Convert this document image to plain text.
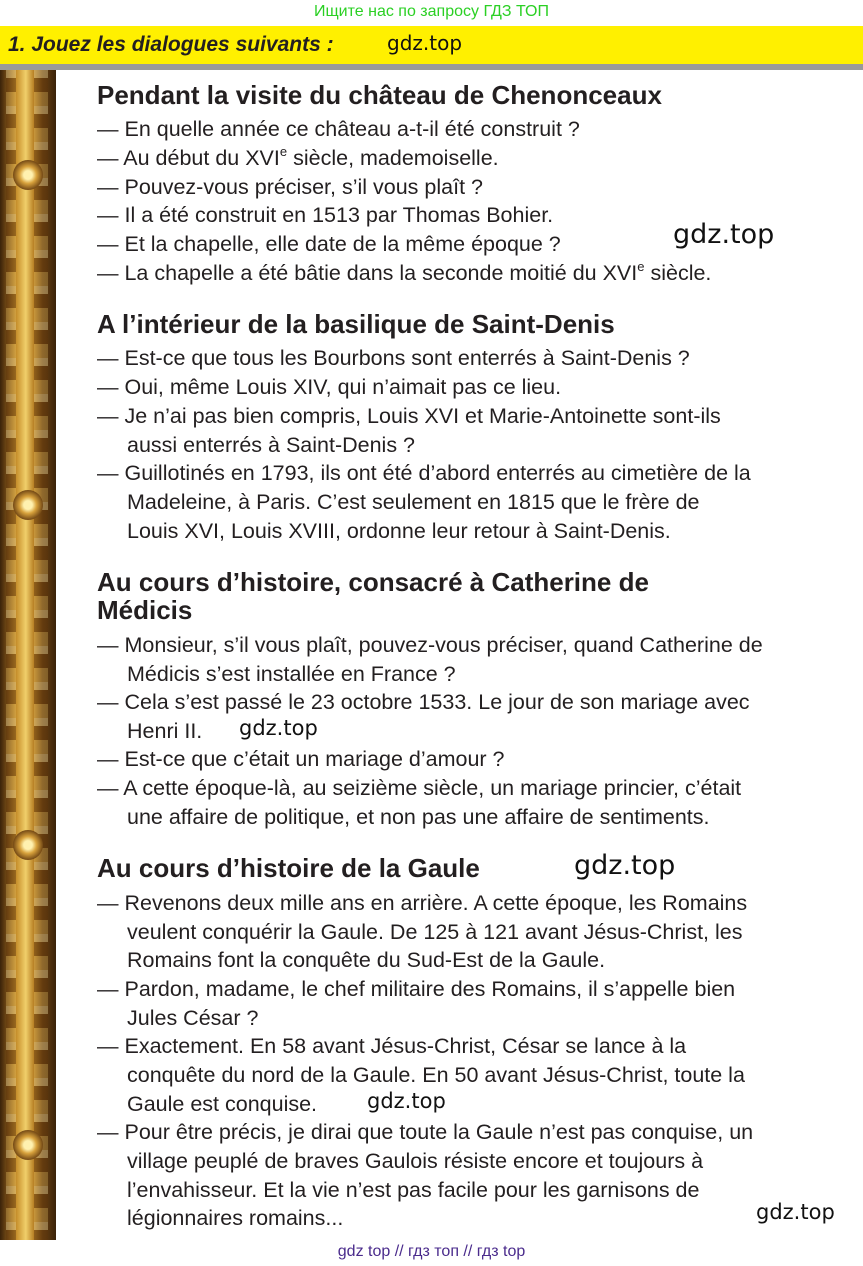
Ищите нас по запросу ГДЗ ТОП
1. Jouez les dialogues suivants :	gdz.top
Pendant la visite du château de Chenonceaux
— En quelle année ce château a-t-il été construit ?
— Au début du XVIe siècle, mademoiselle.
— Pouvez-vous préciser, s’il vous plaît ?
— Il a été construit en 1513 par Thomas Bohier.
— Et la chapelle, elle date de la même époque ?
— La chapelle a été bâtie dans la seconde moitié du XVIe siècle.
gdz.top
A l’intérieur de la basilique de Saint-Denis
— Est-ce que tous les Bourbons sont enterrés à Saint-Denis ?
— Oui, même Louis XIV, qui n’aimait pas ce lieu.
— Je n’ai pas bien compris, Louis XVI et Marie-Antoinette sont-ils
aussi enterrés à Saint-Denis ?
— Guillotinés en 1793, ils ont été d’abord enterrés au cimetière de la
Madeleine, à Paris. C’est seulement en 1815 que le frère de
Louis XVI, Louis XVIII, ordonne leur retour à Saint-Denis.
Au cours d’histoire, consacré à Catherine de
Médicis
— Monsieur, s’il vous plaît, pouvez-vous préciser, quand Catherine de
Médicis s’est installée en France ?
— Cela s’est passé le 23 octobre 1533. Le jour de son mariage avec
Henri II. gdz.top
— Est-ce que c’était un mariage d’amour ?
— A cette époque-là, au seizième siècle, un mariage princier, c’était
une affaire de politique, et non pas une affaire de sentiments.
Au cours d’histoire de la Gaule	gdz.top
— Revenons deux mille ans en arrière. A cette époque, les Romains
veulent conquérir la Gaule. De 125 à 121 avant Jésus-Christ, les
Romains font la conquête du Sud-Est de la Gaule.
— Pardon, madame, le chef militaire des Romains, il s’appelle bien
Jules César ?
— Exactement. En 58 avant Jésus-Christ, César se lance à la
conquête du nord de la Gaule. En 50 avant Jésus-Christ, toute la
Gaule est conquise. gdz.top
— Pour être précis, je dirai que toute la Gaule n’est pas conquise, un
village peuplé de braves Gaulois résiste encore et toujours à
l’envahisseur. Et la vie n’est pas facile pour les garnisons de
légionnaires romains...	gdz.top
gdz top // гдз топ // гдз top
